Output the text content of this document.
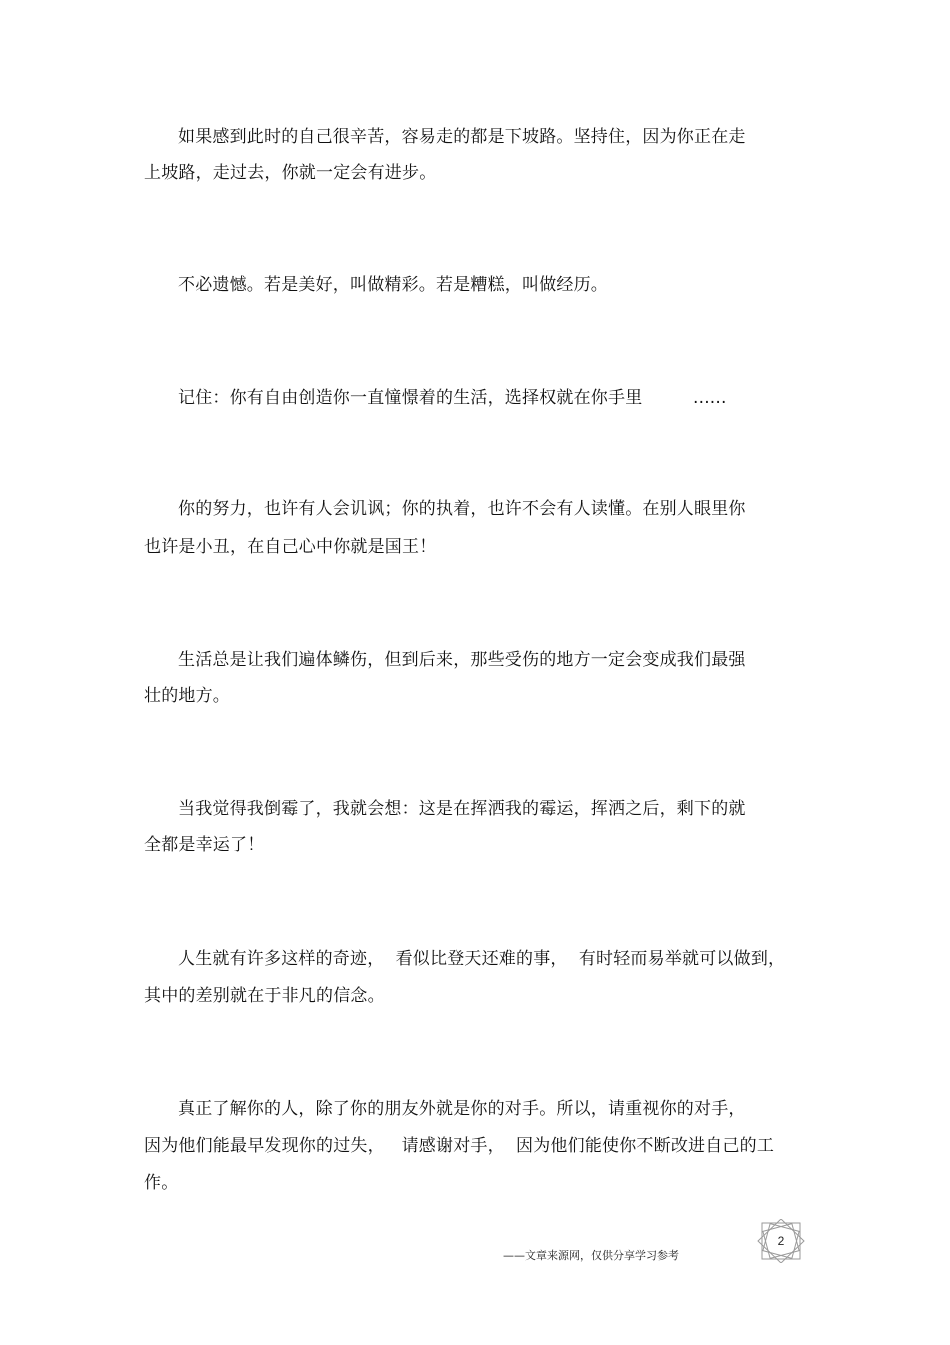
如果感到此时的自己很辛苦，容易走的都是下坡路。坚持住，因为你正在走
上坡路，走过去，你就一定会有进步。
不必遗憾。若是美好，叫做精彩。若是糟糕，叫做经历。
记住：你有自由创造你一直憧憬着的生活，选择权就在你手里	......
你的努力，也许有人会讥讽；你的执着，也许不会有人读懂。在别人眼里你
也许是小丑，在自己心中你就是国王！
生活总是让我们遍体鳞伤，但到后来，那些受伤的地方一定会变成我们最强
壮的地方。
当我觉得我倒霉了，我就会想：这是在挥洒我的霉运，挥洒之后，剩下的就
全都是幸运了！
人生就有许多这样的奇迹，  看似比登天还难的事，  有时轻而易举就可以做到，
其中的差别就在于非凡的信念。
真正了解你的人，除了你的朋友外就是你的对手。所以，请重视你的对手，
因为他们能最早发现你的过失，   请感谢对手，  因为他们能使你不断改进自己的工
作。
——文章来源网，仅供分享学习参考
2
